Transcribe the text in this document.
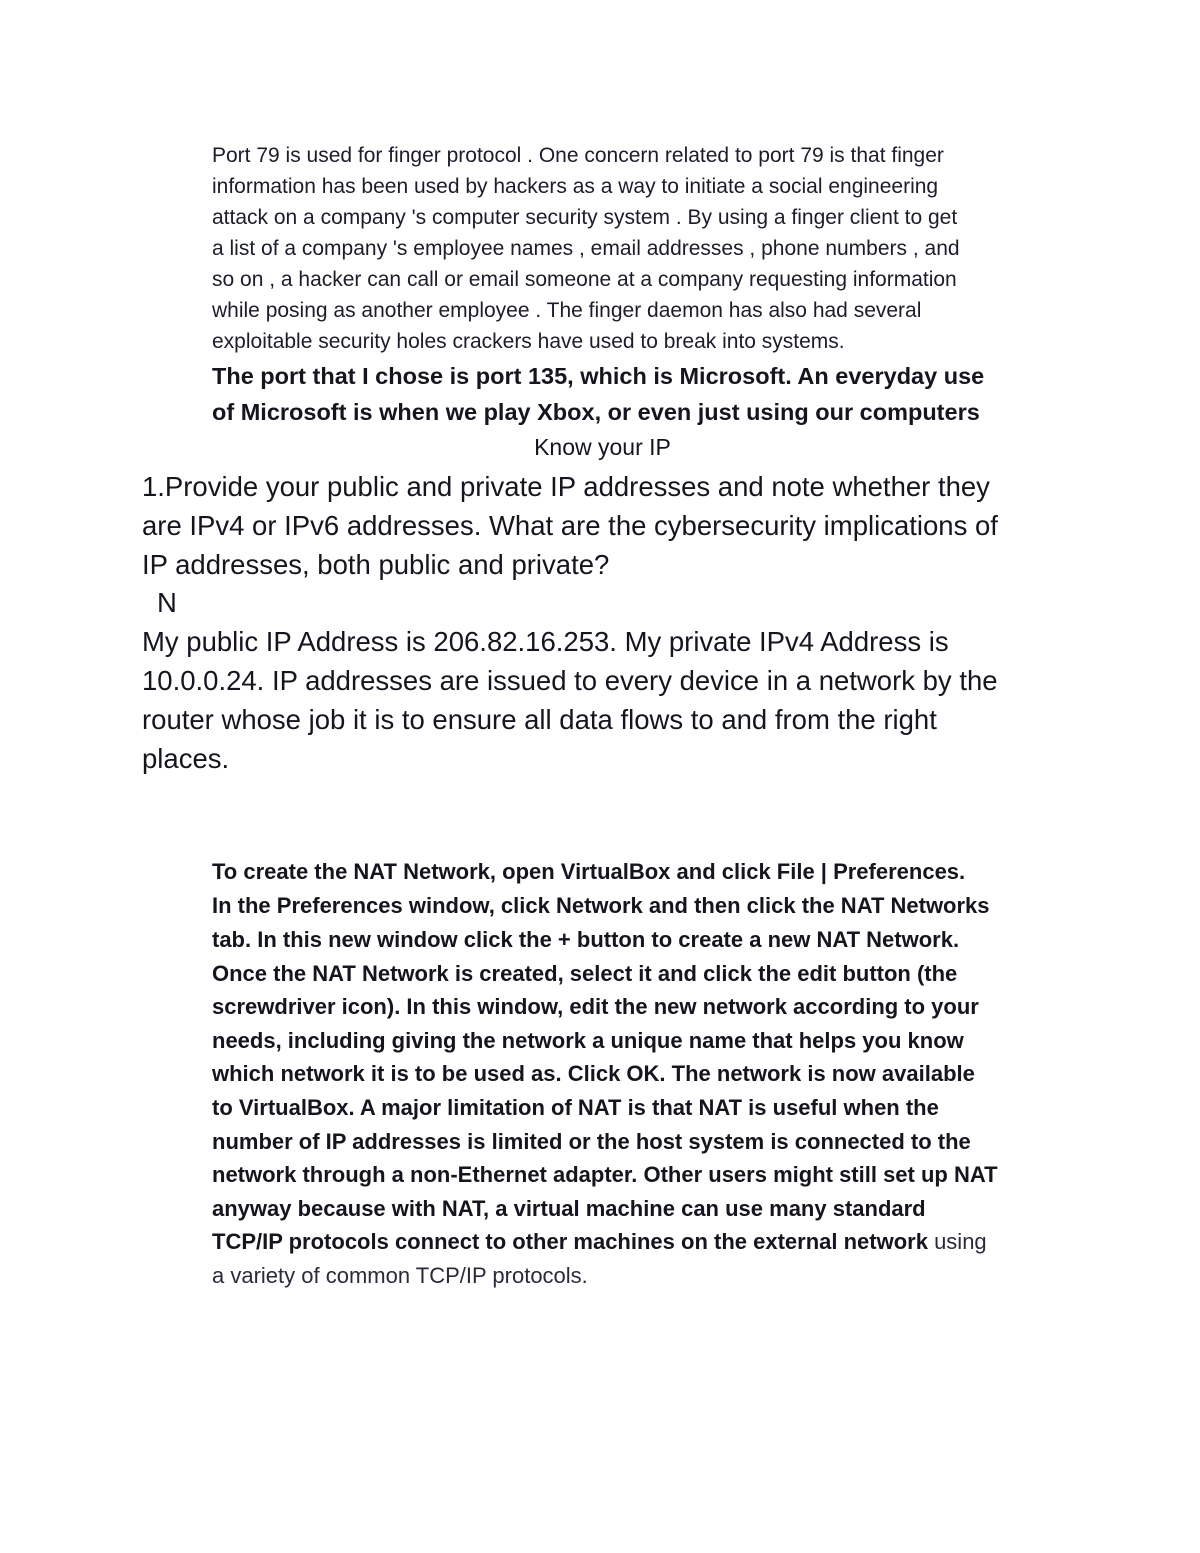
Port 79 is used for finger protocol . One concern related to port 79 is that finger
information has been used by hackers as a way to initiate a social engineering
attack on a company 's computer security system . By using a finger client to get
a list of a company 's employee names , email addresses , phone numbers , and
so on , a hacker can call or email someone at a company requesting information
while posing as another employee . The finger daemon has also had several
exploitable security holes crackers have used to break into systems.
The port that I chose is port 135, which is Microsoft. An everyday use
of Microsoft is when we play Xbox, or even just using our computers
Know your IP
1.Provide your public and private IP addresses and note whether they
are IPv4 or IPv6 addresses. What are the cybersecurity implications of
IP addresses, both public and private?
N
My public IP Address is 206.82.16.253. My private IPv4 Address is
10.0.0.24. IP addresses are issued to every device in a network by the
router whose job it is to ensure all data flows to and from the right
places.
To create the NAT Network, open VirtualBox and click File | Preferences.
In the Preferences window, click Network and then click the NAT Networks
tab. In this new window click the + button to create a new NAT Network.
Once the NAT Network is created, select it and click the edit button (the
screwdriver icon). In this window, edit the new network according to your
needs, including giving the network a unique name that helps you know
which network it is to be used as. Click OK. The network is now available
to VirtualBox. A major limitation of NAT is that NAT is useful when the
number of IP addresses is limited or the host system is connected to the
network through a non-Ethernet adapter. Other users might still set up NAT
anyway because with NAT, a virtual machine can use many standard
TCP/IP protocols connect to other machines on the external network using
a variety of common TCP/IP protocols.
